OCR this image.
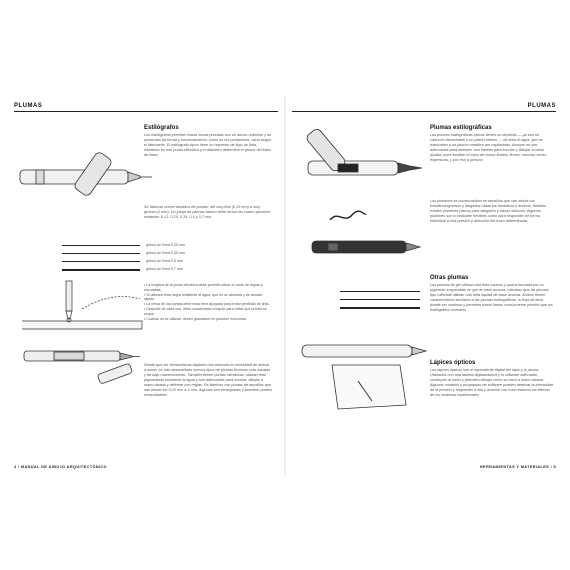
PLUMAS
Estilógrafos
Los estilógrafos permiten trazar líneas precisas con un ancho uniforme y se presentan (la forma y funcionamiento, como en los portaminas, varía según el fabricante. El estilógrafo típico tiene un repuesto de flujo de tinta, insertado en una punta cilíndrica y el diámetro determina el grosor del trazo de línea.
Se fabrican nueve tamaños de puntas, del muy fina (0,13 mm) a muy gruesa (1 mm). Un juego de plumas básico debe incluir los cuatro grosores estándar: 0,13, 0,25, 0,35, 0,5 y 0,7 mm.
grosor de línea 0,25 mm
grosor de línea 0,35 mm
grosor de línea 0,5 mm
grosor de línea 0,7 mm
• La longitud de la punta cilíndrica debe permitir salvar el canto de reglas y escuadras.
• Si utilizará tinta negra resistente al agua, que no se absorba y de secado rápido.
• La mesa de las puntas debe estar bien apoyada para evitar pérdidas de tinta.
• Después de cada uso, debe conservarse el tapón para evitar que la tinta se seque.
• Cuando no se utilizan, deben guardarse en posición horizontal.
Desde que las herramientas digitales han reducido la necesidad de activar a mano, se han desarrollado nuevos tipos de plumas técnicas más baratas y de bajo mantenimiento. También tienen puntas cilíndricas, utilizan tinta pigmentada resistente al agua y son adecuadas para escribir, dibujar a mano alzada y delinear con reglas. Se fabrican con puntas de tamaños que van desde los 0,03 mm a 1 mm. Algunas son recargables y permiten puntos recambiables.
4 / MANUAL DE DIBUJO ARQUITECTÓNICO
PLUMAS
Plumas estilográficas
Las plumas estilográficas típicas tienen un depósito — ya sea un cartucho desechable o un pistón interno — de tinta al agua, que se transmiten a un plumín metálico por capilaridad. Aunque no son adecuadas para delinear, son ideales para escribir y dibujar a mano alzada, pues facilitan el trazo de líneas fluidas, firmes, muchas veces expresivas, y por eso a presión.
Los plumines se comercializan en tamaños que van desde los extrafinos/gruesos y delgados hasta los medianos y anchos; también existen plumines planos para caligrafía y trazos oblicuos. Algunos plumines son lo bastante flexibles como para responder de forma individual a una presión y dirección del trazo determinada.
Otras plumas
Las plumas de gel utilizan una tinta espesa y opaca formada por un pigmento suspendido en gel de base acuosa, mientras que las plumas tipo rollerball utilizan una tinta líquida de base acuosa. Ambos tienen características similares a las plumas estilográficas, el flujo de tinta puede ser continuo y permiten trazar líneas comúnmente presión que los estilógrafos normales.
Lápices ópticos
Los lápices ópticos son el equivalente digital del lápiz y la pluma. Utilizados con una tableta digitalizadora y el software adecuado, sustituyen al ratón y permiten dibujar como se hace a mano alzada. Algunos modelos y programas de software pueden detectar la intensidad de la presión y responder a ella y asimilar con más realismo los efectos de los sistemas tradicionales.
HERRAMIENTAS Y MATERIALES / 5
